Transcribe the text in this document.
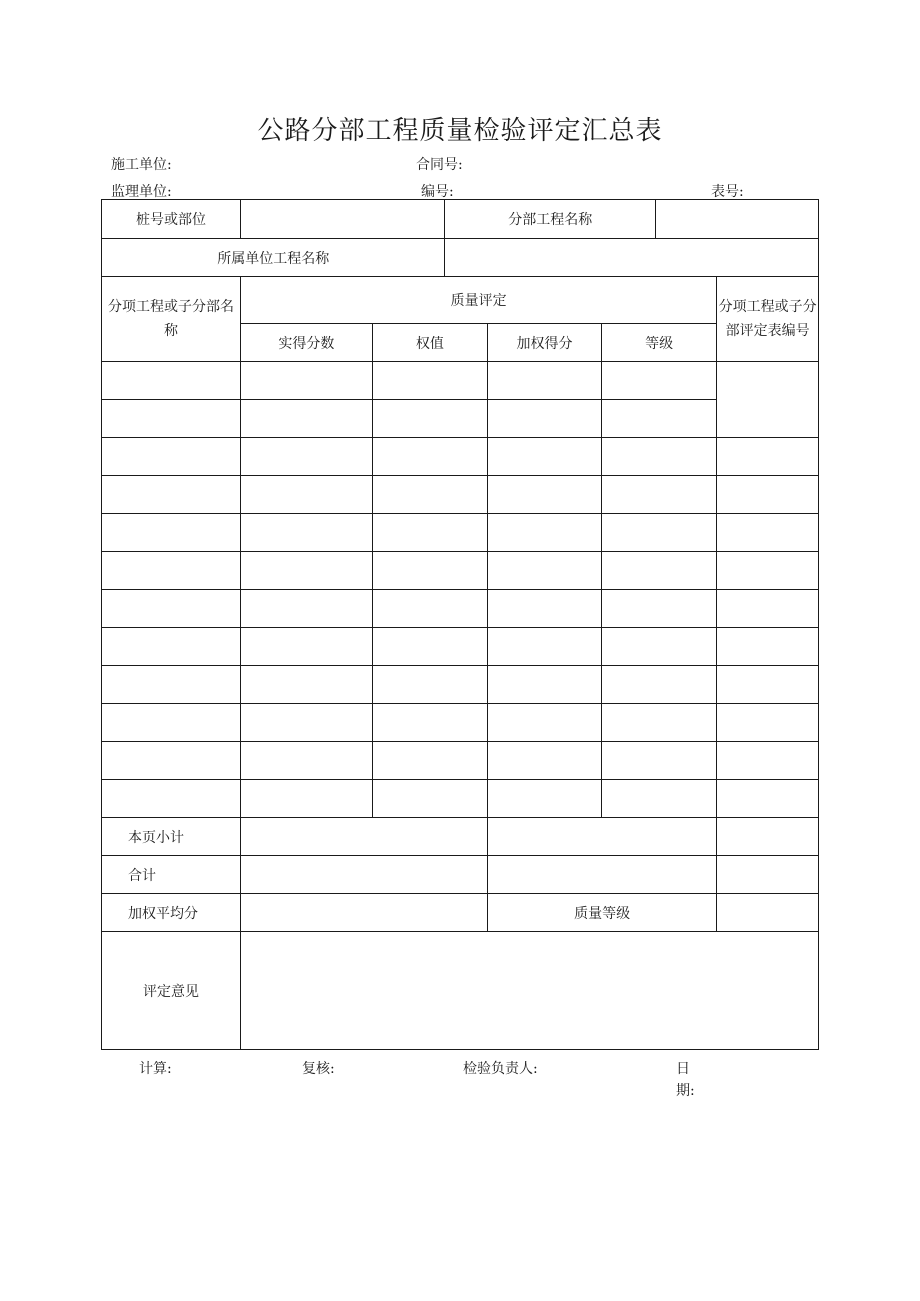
公路分部工程质量检验评定汇总表
施工单位:	合同号:
监理单位:	编号:	表号:
桩号或部位			分部工程名称				
所属单位工程名称							
分项工程或子分部名称	质量评定						分项工程或子分部评定表编号
	实得分数	权值		加权得分	等级		

本页小计							
合计							
加权平均分				质量等级			
评定意见							
计算:	复核:	检验负责人:	日
期:
